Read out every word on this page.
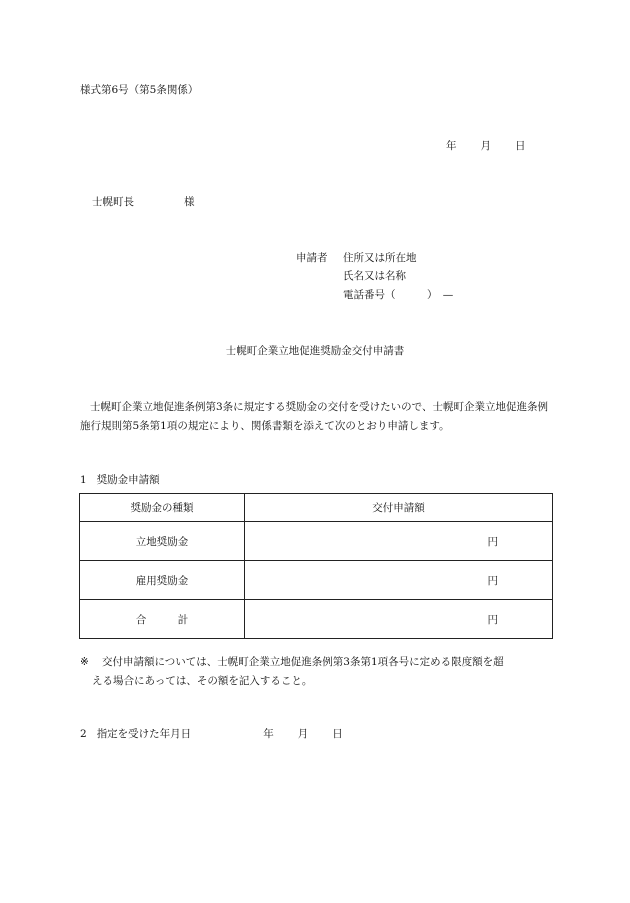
様式第6号（第5条関係）
年 月 日
士幌町長	様
申請者 住所又は所在地
氏名又は名称
電話番号（　　　）　—
士幌町企業立地促進奨励金交付申請書
士幌町企業立地促進条例第3条に規定する奨励金の交付を受けたいので、士幌町企業立地促進条例施行規則第5条第1項の規定により、関係書類を添えて次のとおり申請します。
1 奨励金申請額
奨励金の種類	交付申請額
立地奨励金	円
雇用奨励金	円
合　　　計	円
※ 交付申請額については、士幌町企業立地促進条例第3条第1項各号に定める限度額を超
える場合にあっては、その額を記入すること。
2 指定を受けた年月日	年 月 日
